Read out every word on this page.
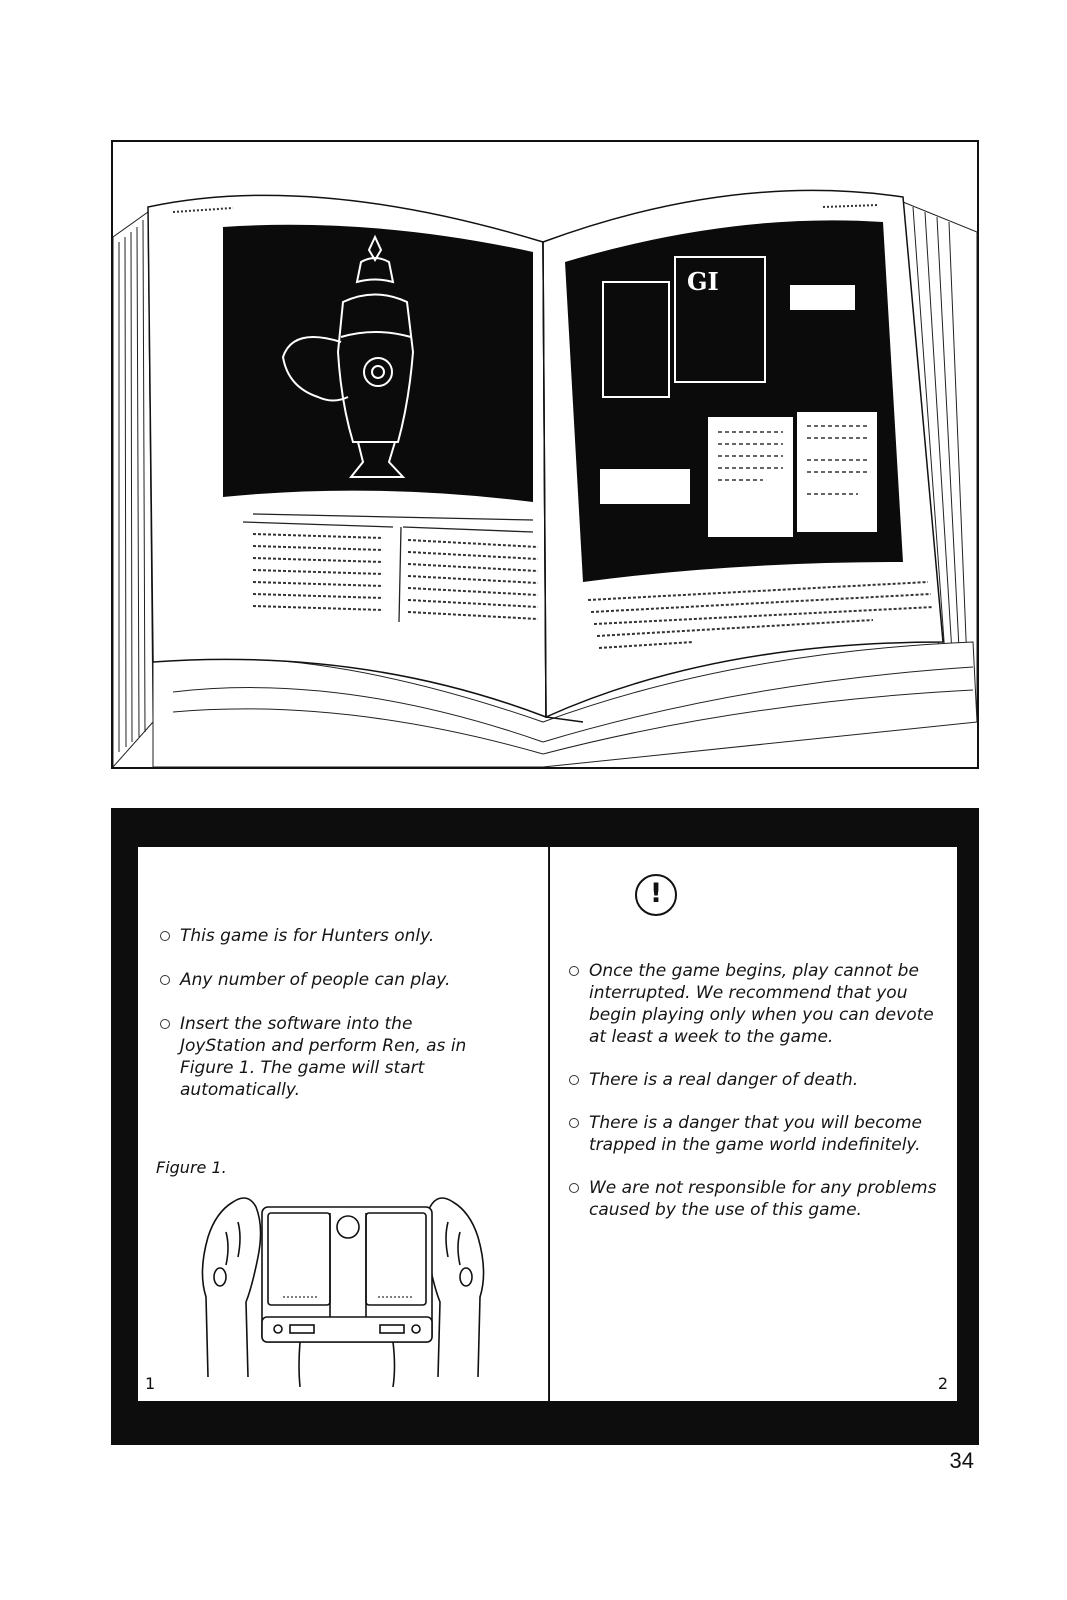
GI
This game is for Hunters only.
Any number of people can play.
Insert the software into the JoyStation and perform Ren, as in Figure 1. The game will start automatically.
Figure 1.
1
!
Once the game begins, play cannot be interrupted. We recommend that you begin playing only when you can devote at least a week to the game.
There is a real danger of death.
There is a danger that you will become trapped in the game world indefinitely.
We are not responsible for any problems caused by the use of this game.
2
34
